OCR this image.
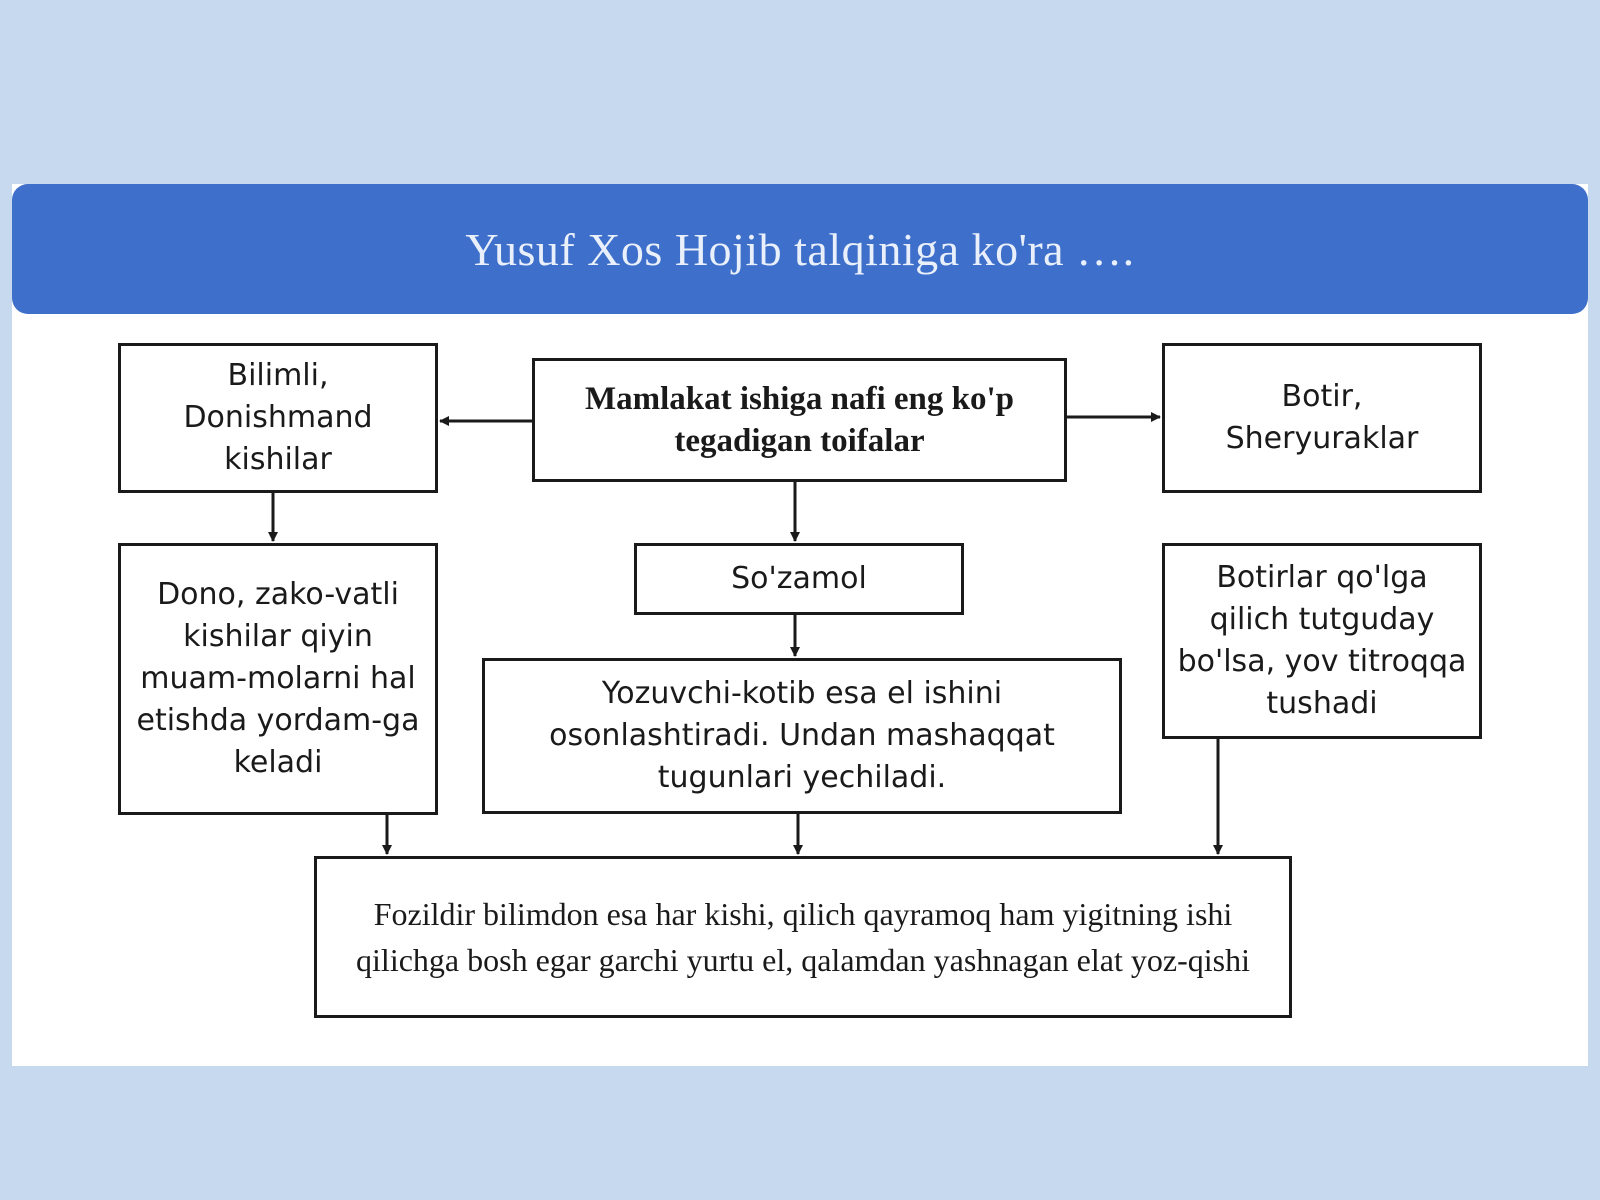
Yusuf Xos Hojib talqiniga ko'ra ….
Bilimli, Donishmand kishilar
Mamlakat ishiga nafi eng ko'p tegadigan toifalar
Botir, Sheryuraklar
Dono, zako-vatli kishilar qiyin muam-molarni hal etishda yordam-ga keladi
So'zamol	Botirlar qo'lga qilich tutguday bo'lsa, yov titroqqa tushadi
Yozuvchi-kotib esa el ishini osonlashtiradi. Undan mashaqqat tugunlari yechiladi.
Fozildir bilimdon esa har kishi, qilich qayramoq ham yigitning ishi qilichga bosh egar garchi yurtu el, qalamdan yashnagan elat yoz-qishi
